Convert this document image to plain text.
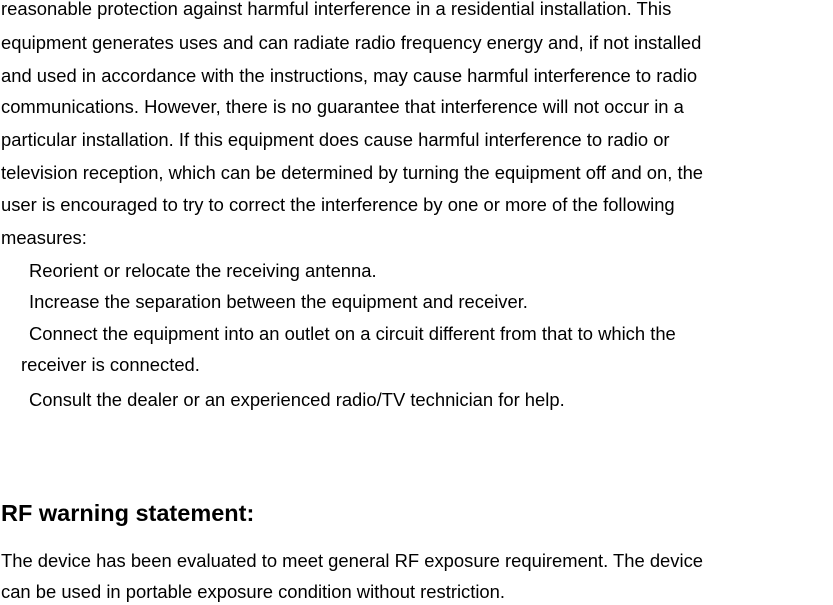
reasonable protection against harmful interference in a residential installation. This
equipment generates uses and can radiate radio frequency energy and, if not installed
and used in accordance with the instructions, may cause harmful interference to radio
communications. However, there is no guarantee that interference will not occur in a
particular installation. If this equipment does cause harmful interference to radio or
television reception, which can be determined by turning the equipment off and on, the
user is encouraged to try to correct the interference by one or more of the following
measures:
Reorient or relocate the receiving antenna.
Increase the separation between the equipment and receiver.
Connect the equipment into an outlet on a circuit different from that to which the
receiver is connected.
Consult the dealer or an experienced radio/TV technician for help.
RF warning statement:
The device has been evaluated to meet general RF exposure requirement. The device
can be used in portable exposure condition without restriction.
